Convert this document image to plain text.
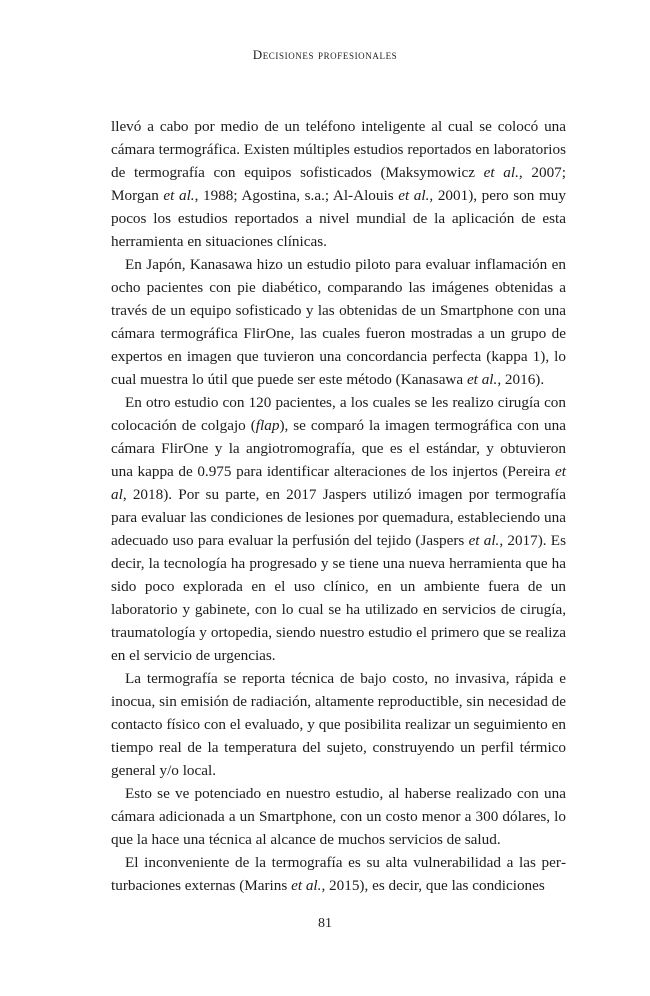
Decisiones profesionales

llevó a cabo por medio de un teléfono inteligente al cual se colocó una cámara termográfica. Existen múltiples estudios reportados en laboratorios de termografía con equipos sofisticados (Maksymowicz et al., 2007; Morgan et al., 1988; Agostina, s.a.; Al-Alouis et al., 2001), pero son muy pocos los estudios reportados a nivel mundial de la aplicación de esta herramienta en situaciones clínicas.

En Japón, Kanasawa hizo un estudio piloto para evaluar inflamación en ocho pacientes con pie diabético, comparando las imágenes obtenidas a través de un equipo sofisticado y las obtenidas de un Smartphone con una cámara termográfica FlirOne, las cuales fueron mostradas a un grupo de expertos en imagen que tuvieron una concordancia perfecta (kappa 1), lo cual muestra lo útil que puede ser este método (Kanasawa et al., 2016).

En otro estudio con 120 pacientes, a los cuales se les realizo cirugía con colocación de colgajo (flap), se comparó la imagen termográfica con una cámara FlirOne y la angiotromografía, que es el estándar, y obtuvieron una kappa de 0.975 para identificar alteraciones de los injertos (Pereira et al, 2018). Por su parte, en 2017 Jaspers utilizó imagen por termografía para evaluar las condiciones de lesiones por quemadura, estableciendo una adecuado uso para evaluar la perfusión del tejido (Jaspers et al., 2017). Es decir, la tecnología ha progresado y se tiene una nueva herramienta que ha sido poco explorada en el uso clínico, en un ambiente fuera de un laboratorio y gabinete, con lo cual se ha utilizado en servicios de cirugía, traumatología y ortopedia, siendo nuestro estudio el primero que se realiza en el servicio de urgencias.

La termografía se reporta técnica de bajo costo, no invasiva, rápida e inocua, sin emisión de radiación, altamente reproductible, sin necesidad de contacto físico con el evaluado, y que posibilita realizar un seguimiento en tiempo real de la temperatura del sujeto, construyendo un perfil térmico general y/o local.

Esto se ve potenciado en nuestro estudio, al haberse realizado con una cámara adicionada a un Smartphone, con un costo menor a 300 dólares, lo que la hace una técnica al alcance de muchos servicios de salud.

El inconveniente de la termografía es su alta vulnerabilidad a las perturbaciones externas (Marins et al., 2015), es decir, que las condiciones

81
